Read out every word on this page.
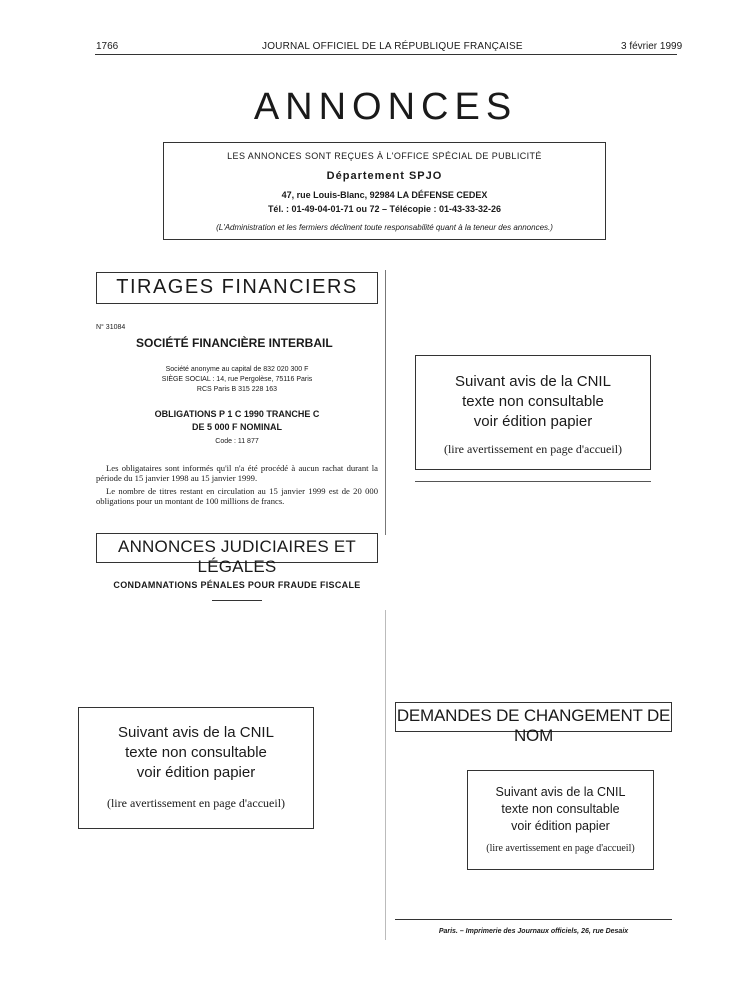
1766	JOURNAL OFFICIEL DE LA RÉPUBLIQUE FRANÇAISE	3 février 1999
ANNONCES
LES ANNONCES SONT REÇUES À L'OFFICE SPÉCIAL DE PUBLICITÉ
Département SPJO
47, rue Louis-Blanc, 92984 LA DÉFENSE CEDEX
Tél. : 01-49-04-01-71 ou 72 – Télécopie : 01-43-33-32-26
(L'Administration et les fermiers déclinent toute responsabilité quant à la teneur des annonces.)
TIRAGES FINANCIERS
N° 31084
SOCIÉTÉ FINANCIÈRE INTERBAIL
Société anonyme au capital de 832 020 300 F
SIÈGE SOCIAL : 14, rue Pergolèse, 75116 Paris
RCS Paris B 315 228 163
OBLIGATIONS P 1 C 1990 TRANCHE C
DE 5 000 F NOMINAL
Code : 11 877
Les obligataires sont informés qu'il n'a été procédé à aucun rachat durant la période du 15 janvier 1998 au 15 janvier 1999.
Le nombre de titres restant en circulation au 15 janvier 1999 est de 20 000 obligations pour un montant de 100 millions de francs.
ANNONCES JUDICIAIRES ET LÉGALES
CONDAMNATIONS PÉNALES POUR FRAUDE FISCALE
Suivant avis de la CNIL
texte non consultable
voir édition papier
(lire avertissement en page d'accueil)
Suivant avis de la CNIL
texte non consultable
voir édition papier
(lire avertissement en page d'accueil)
DEMANDES DE CHANGEMENT DE NOM
Suivant avis de la CNIL
texte non consultable
voir édition papier
(lire avertissement en page d'accueil)
Paris. – Imprimerie des Journaux officiels, 26, rue Desaix
